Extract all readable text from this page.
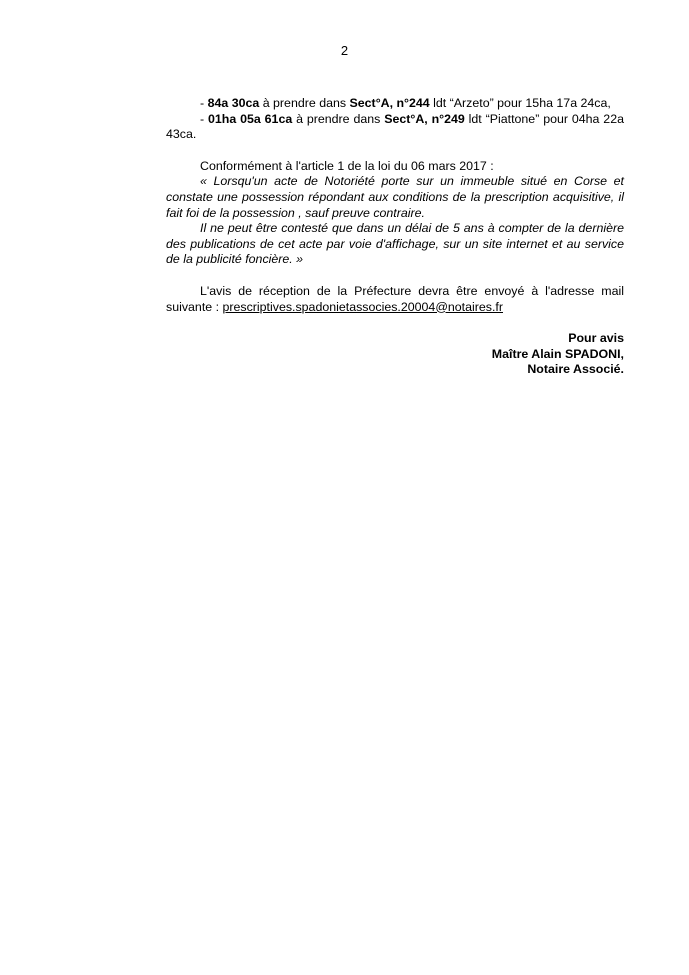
2

- 84a 30ca à prendre dans Sect°A, n°244 ldt “Arzeto” pour 15ha 17a 24ca,

- 01ha 05a 61ca à prendre dans Sect°A, n°249 ldt “Piattone” pour 04ha 22a 43ca.

Conformément à l'article 1 de la loi du 06 mars 2017 :

« Lorsqu'un acte de Notoriété porte sur un immeuble situé en Corse et constate une possession répondant aux conditions de la prescription acquisitive, il fait foi de la possession , sauf preuve contraire.

Il ne peut être contesté que dans un délai de 5 ans à compter de la dernière des publications de cet acte par voie d'affichage, sur un site internet et au service de la publicité foncière. »

L'avis de réception de la Préfecture devra être envoyé à l'adresse mail suivante : prescriptives.spadonietassocies.20004@notaires.fr

Pour avis

Maître Alain SPADONI,

Notaire Associé.
